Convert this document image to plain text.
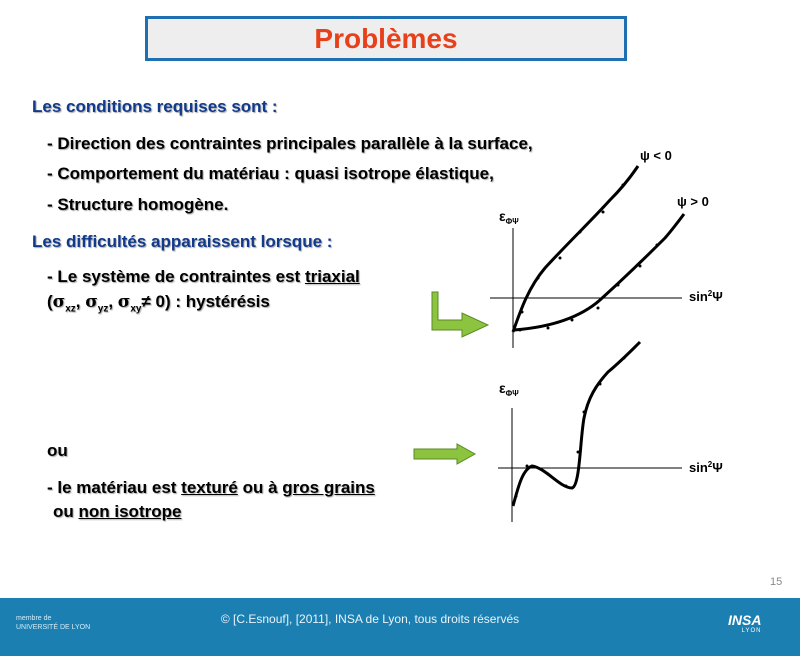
Problèmes
Les conditions requises sont :
- Direction des contraintes principales parallèle à la surface,
- Comportement du matériau : quasi isotrope élastique,
- Structure homogène.
Les difficultés apparaissent lorsque :
- Le système de contraintes est triaxial
($\sigma_{xz}$, $\sigma_{yz}$, $\sigma_{xy}\ne 0$) : hystérésis
ou
- le matériau est texturé ou à gros grains
ou non isotrope
$\varepsilon_{\Phi\Psi}$
$\sin^2\Psi$
ψ < 0
ψ > 0
$\varepsilon_{\Phi\Psi}$
$\sin^2\Psi$
15
membre de
UNIVERSITÉ DE LYON
© [C.Esnouf], [2011], INSA de Lyon, tous droits réservés	INSA
LYON
